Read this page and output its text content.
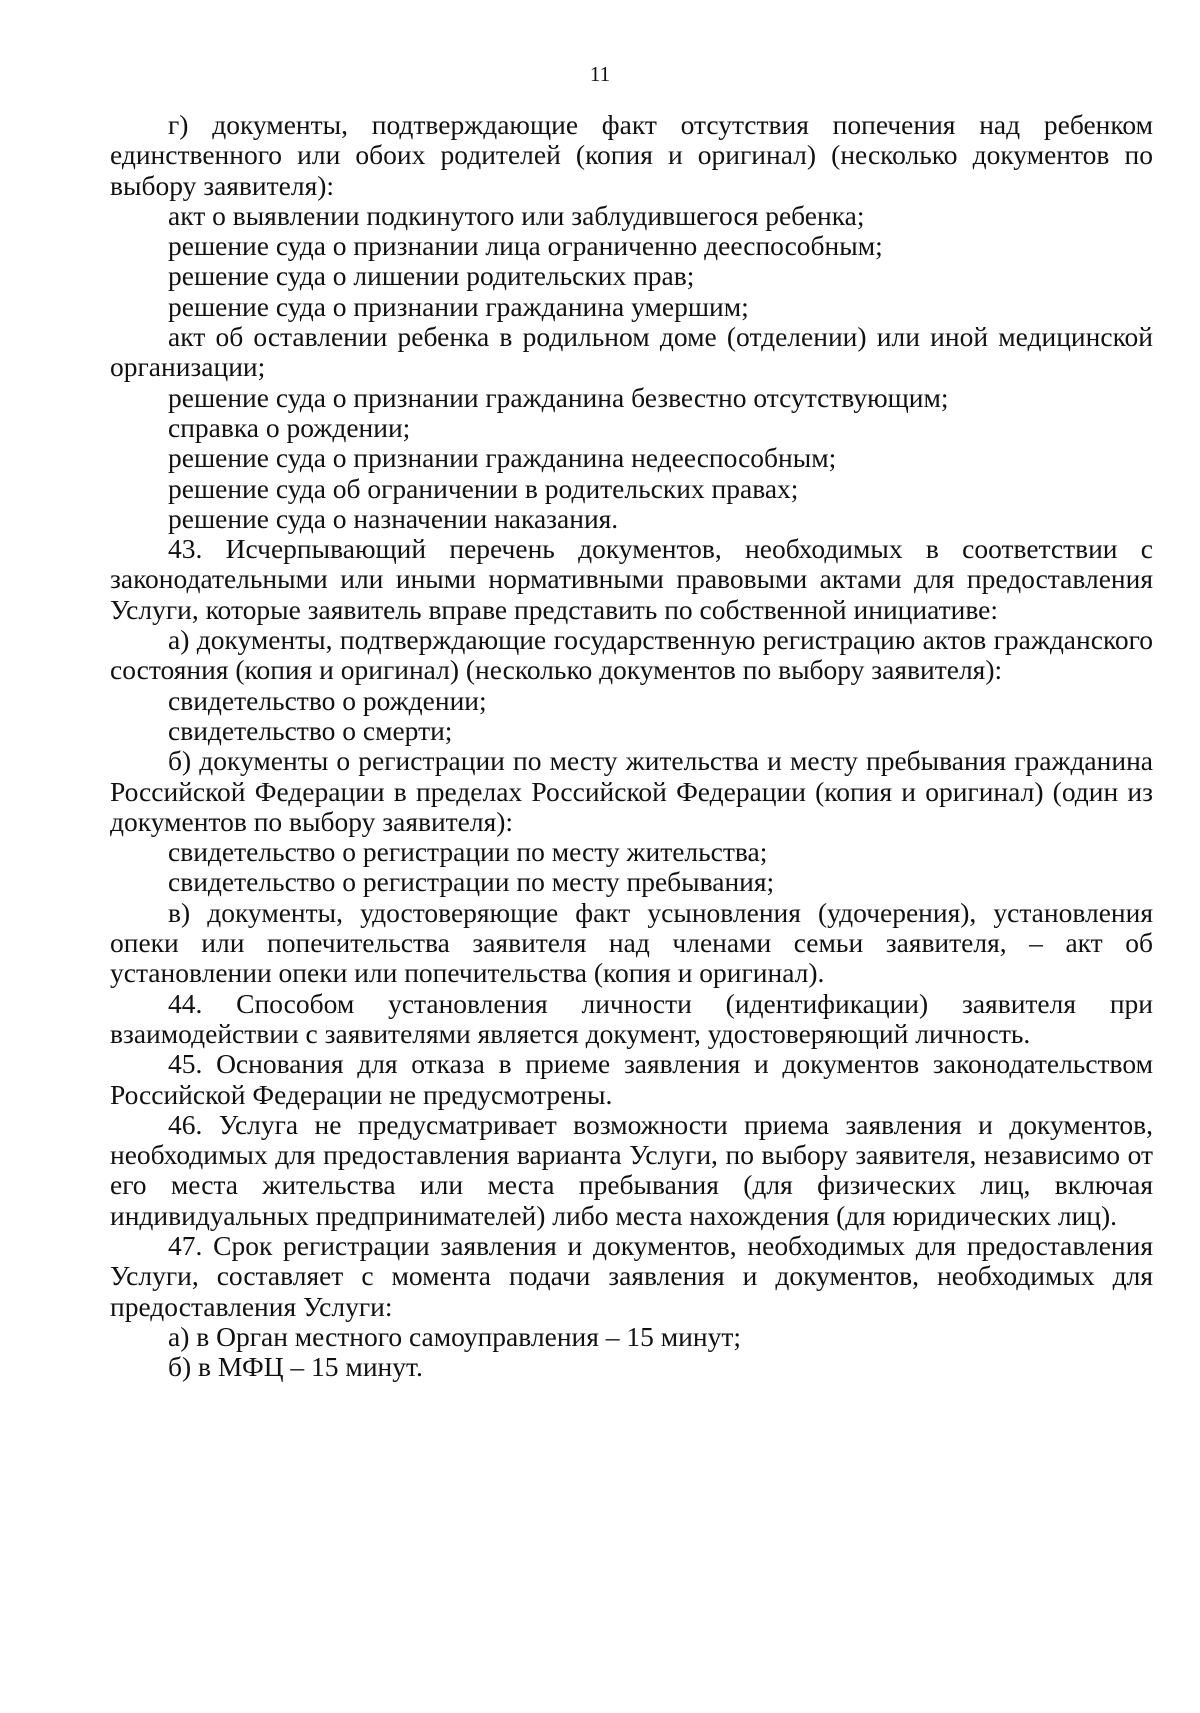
11

г) документы, подтверждающие факт отсутствия попечения над ребенком единственного или обоих родителей (копия и оригинал) (несколько документов по выбору заявителя):

акт о выявлении подкинутого или заблудившегося ребенка;

решение суда о признании лица ограниченно дееспособным;

решение суда о лишении родительских прав;

решение суда о признании гражданина умершим;

акт об оставлении ребенка в родильном доме (отделении) или иной медицинской организации;

решение суда о признании гражданина безвестно отсутствующим;

справка о рождении;

решение суда о признании гражданина недееспособным;

решение суда об ограничении в родительских правах;

решение суда о назначении наказания.

43. Исчерпывающий перечень документов, необходимых в соответствии с законодательными или иными нормативными правовыми актами для предоставления Услуги, которые заявитель вправе представить по собственной инициативе:

а) документы, подтверждающие государственную регистрацию актов гражданского состояния (копия и оригинал) (несколько документов по выбору заявителя):

свидетельство о рождении;

свидетельство о смерти;

б) документы о регистрации по месту жительства и месту пребывания гражданина Российской Федерации в пределах Российской Федерации (копия и оригинал) (один из документов по выбору заявителя):

свидетельство о регистрации по месту жительства;

свидетельство о регистрации по месту пребывания;

в) документы, удостоверяющие факт усыновления (удочерения), установления опеки или попечительства заявителя над членами семьи заявителя, – акт об установлении опеки или попечительства (копия и оригинал).

44. Способом установления личности (идентификации) заявителя при взаимодействии с заявителями является документ, удостоверяющий личность.

45. Основания для отказа в приеме заявления и документов законодательством Российской Федерации не предусмотрены.

46. Услуга не предусматривает возможности приема заявления и документов, необходимых для предоставления варианта Услуги, по выбору заявителя, независимо от его места жительства или места пребывания (для физических лиц, включая индивидуальных предпринимателей) либо места нахождения (для юридических лиц).

47. Срок регистрации заявления и документов, необходимых для предоставления Услуги, составляет с момента подачи заявления и документов, необходимых для предоставления Услуги:

а) в Орган местного самоуправления – 15 минут;

б) в МФЦ – 15 минут.
